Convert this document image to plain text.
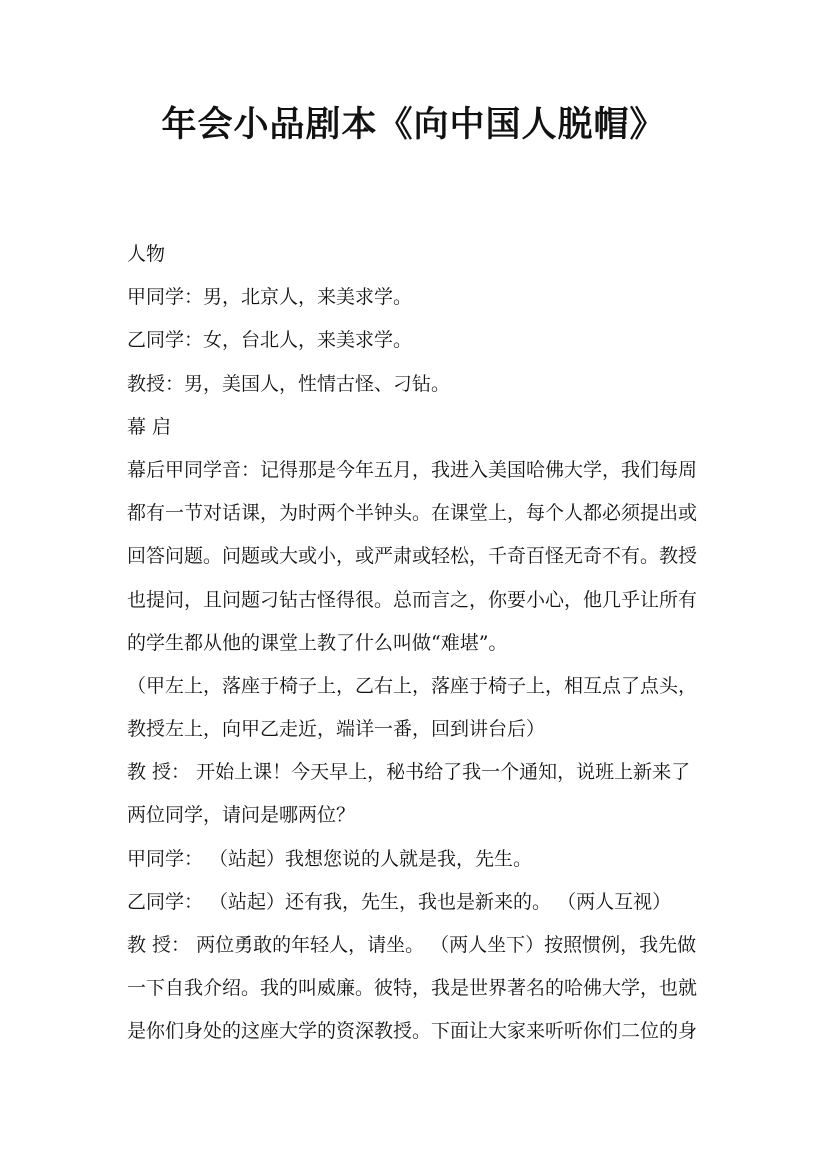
年会小品剧本《向中国人脱帽》
人物
甲同学：男，北京人，来美求学。
乙同学：女，台北人，来美求学。
教授：男，美国人，性情古怪、刁钻。
幕 启
幕后甲同学音：记得那是今年五月，我进入美国哈佛大学，我们每周
都有一节对话课，为时两个半钟头。在课堂上，每个人都必须提出或
回答问题。问题或大或小，或严肃或轻松，千奇百怪无奇不有。教授
也提问，且问题刁钻古怪得很。总而言之，你要小心，他几乎让所有
的学生都从他的课堂上教了什么叫做“难堪”。
（甲左上，落座于椅子上，乙右上，落座于椅子上，相互点了点头，
教授左上，向甲乙走近，端详一番，回到讲台后）
教 授： 开始上课！今天早上，秘书给了我一个通知，说班上新来了
两位同学，请问是哪两位？
甲同学： （站起）我想您说的人就是我，先生。
乙同学： （站起）还有我，先生，我也是新来的。 （两人互视）
教 授： 两位勇敢的年轻人，请坐。 （两人坐下）按照惯例，我先做
一下自我介绍。我的叫威廉。彼特，我是世界著名的哈佛大学，也就
是你们身处的这座大学的资深教授。下面让大家来听听你们二位的身
